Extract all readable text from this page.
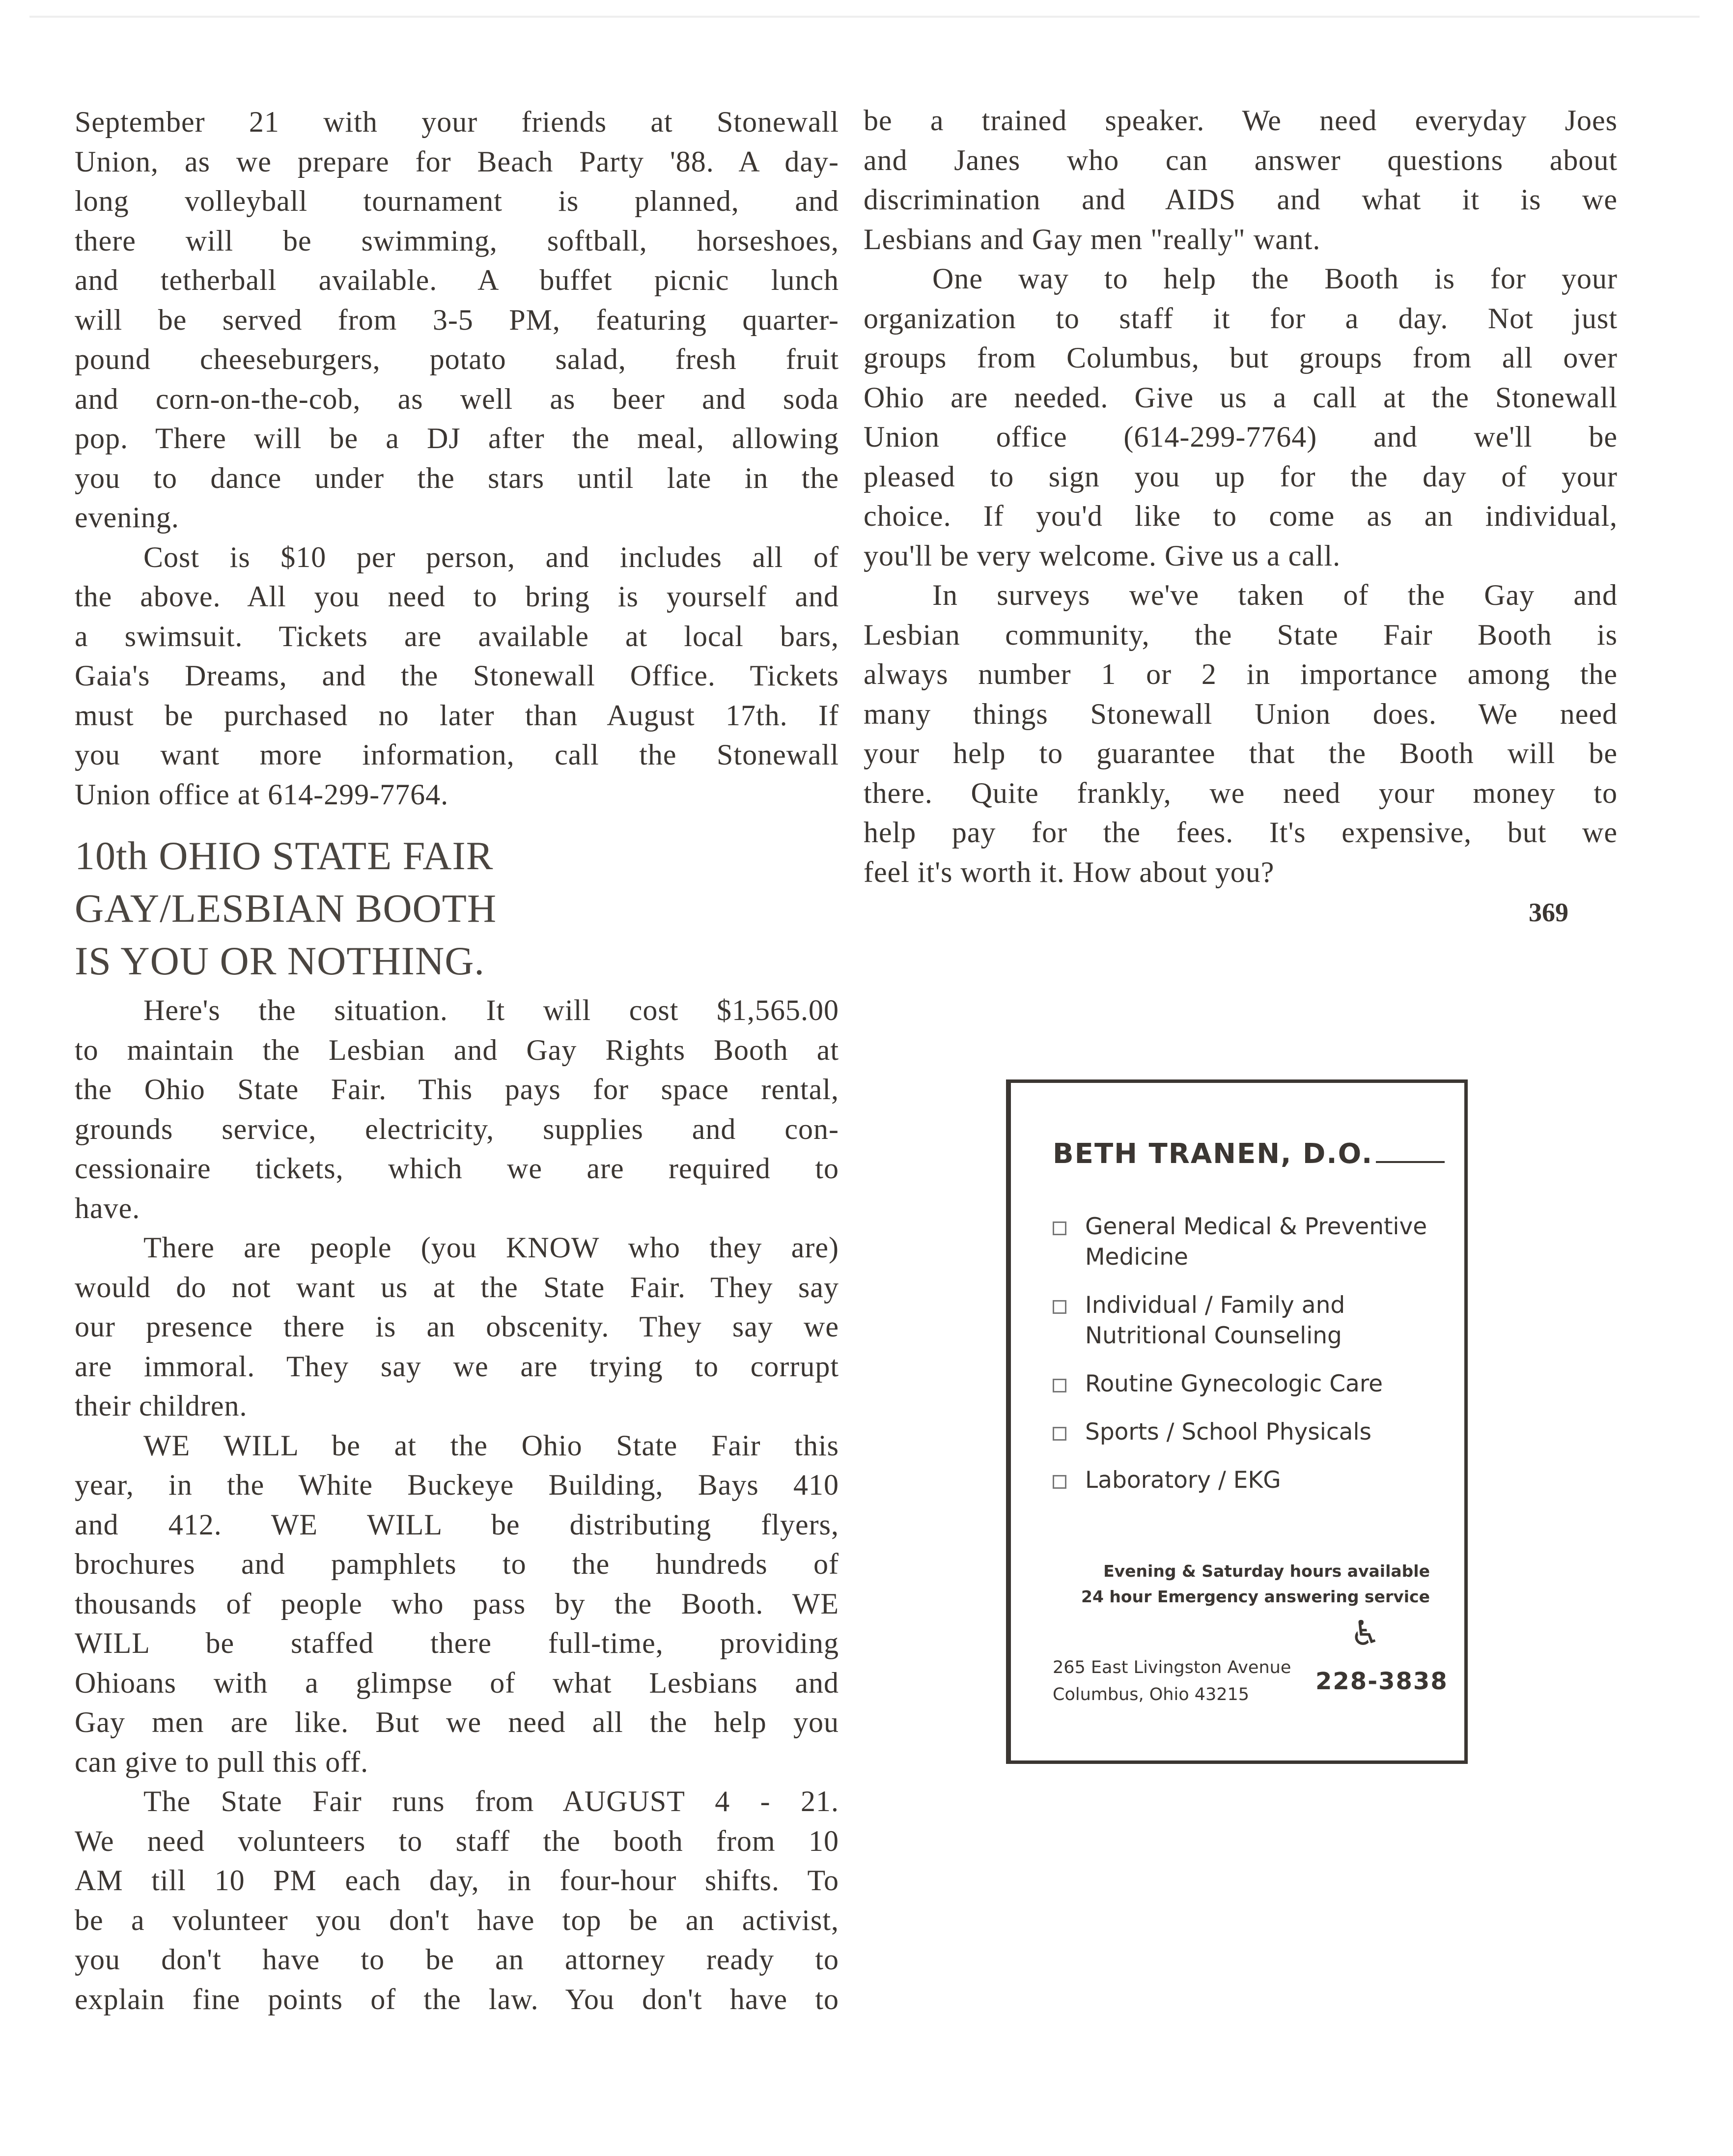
September 21 with your friends at Stonewall
Union, as we prepare for Beach Party '88. A day-
long volleyball tournament is planned, and
there will be swimming, softball, horseshoes,
and tetherball available. A buffet picnic lunch
will be served from 3-5 PM, featuring quarter-
pound cheeseburgers, potato salad, fresh fruit
and corn-on-the-cob, as well as beer and soda
pop. There will be a DJ after the meal, allowing
you to dance under the stars until late in the
evening.
Cost is $10 per person, and includes all of
the above. All you need to bring is yourself and
a swimsuit. Tickets are available at local bars,
Gaia's Dreams, and the Stonewall Office. Tickets
must be purchased no later than August 17th. If
you want more information, call the Stonewall
Union office at 614-299-7764.
10th OHIO STATE FAIR
GAY/LESBIAN BOOTH
IS YOU OR NOTHING.
Here's the situation. It will cost $1,565.00
to maintain the Lesbian and Gay Rights Booth at
the Ohio State Fair. This pays for space rental,
grounds service, electricity, supplies and con-
cessionaire tickets, which we are required to
have.
There are people (you KNOW who they are)
would do not want us at the State Fair. They say
our presence there is an obscenity. They say we
are immoral. They say we are trying to corrupt
their children.
WE WILL be at the Ohio State Fair this
year, in the White Buckeye Building, Bays 410
and 412. WE WILL be distributing flyers,
brochures and pamphlets to the hundreds of
thousands of people who pass by the Booth. WE
WILL be staffed there full-time, providing
Ohioans with a glimpse of what Lesbians and
Gay men are like. But we need all the help you
can give to pull this off.
The State Fair runs from AUGUST 4 - 21.
We need volunteers to staff the booth from 10
AM till 10 PM each day, in four-hour shifts. To
be a volunteer you don't have top be an activist,
you don't have to be an attorney ready to
explain fine points of the law. You don't have to
be a trained speaker. We need everyday Joes
and Janes who can answer questions about
discrimination and AIDS and what it is we
Lesbians and Gay men "really" want.
One way to help the Booth is for your
organization to staff it for a day. Not just
groups from Columbus, but groups from all over
Ohio are needed. Give us a call at the Stonewall
Union office (614-299-7764) and we'll be
pleased to sign you up for the day of your
choice. If you'd like to come as an individual,
you'll be very welcome. Give us a call.
In surveys we've taken of the Gay and
Lesbian community, the State Fair Booth is
always number 1 or 2 in importance among the
many things Stonewall Union does. We need
your help to guarantee that the Booth will be
there. Quite frankly, we need your money to
help pay for the fees. It's expensive, but we
feel it's worth it. How about you?
369
BETH TRANEN, D.O.
General Medical & Preventive Medicine
Individual / Family and Nutritional Counseling
Routine Gynecologic Care
Sports / School Physicals
Laboratory / EKG
Evening & Saturday hours available
24 hour Emergency answering service
♿
265 East Livingston Avenue
Columbus, Ohio 43215	228-3838
